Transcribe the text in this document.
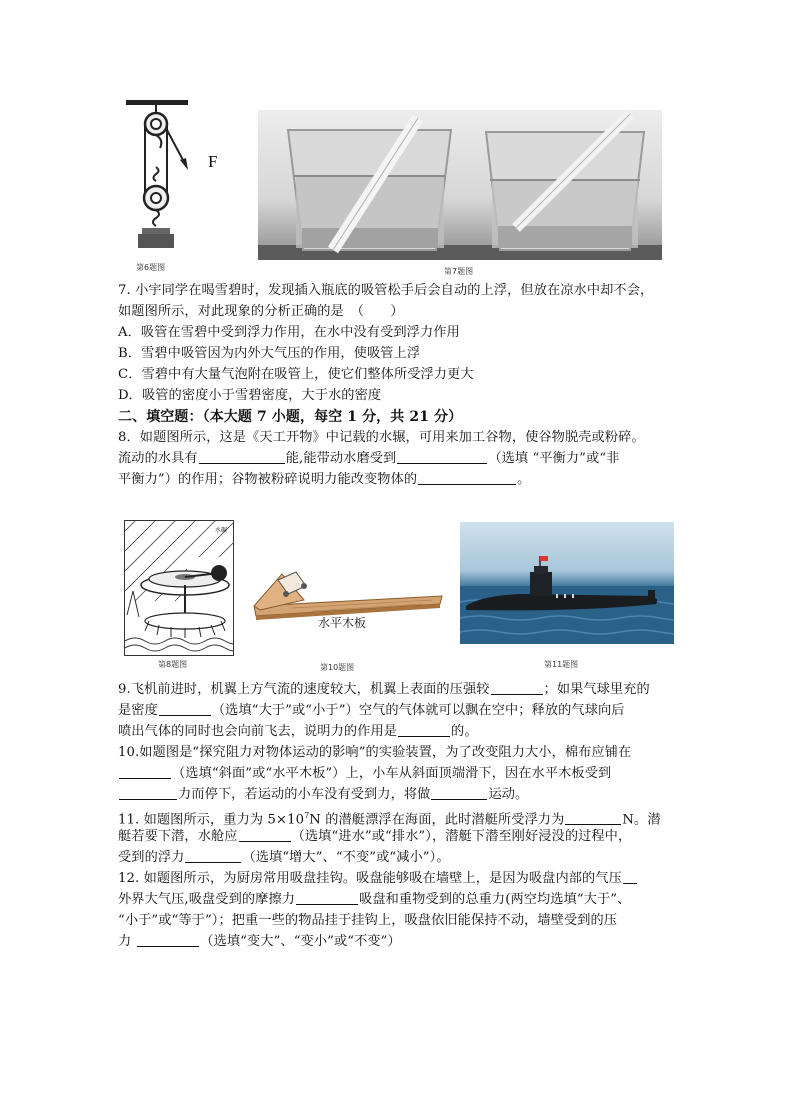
F
第6题图	第7题图
7. 小宇同学在喝雪碧时，发现插入瓶底的吸管松手后会自动的上浮，但放在凉水中却不会，
如题图所示，对此现象的分析正确的是　（　　）
A．吸管在雪碧中受到浮力作用，在水中没有受到浮力作用
B．雪碧中吸管因为内外大气压的作用，使吸管上浮
C．雪碧中有大量气泡附在吸管上，使它们整体所受浮力更大
D．吸管的密度小于雪碧密度，大于水的密度
二、填空题：（本大题 7 小题，每空 1 分，共 21 分）
8．如题图所示，这是《天工开物》中记载的水辗，可用来加工谷物，使谷物脱壳或粉碎。
流动的水具有	能,能带动水磨受到	（选填 “平衡力”或“非
平衡力”）的作用；谷物被粉碎说明力能改变物体的	。
水碾
第8题图
水平木板
第10题图	第11题图
9.飞机前进时，机翼上方气流的速度较大，机翼上表面的压强较	；如果气球里充的
是密度	（选填“大于”或“小于”）空气的气体就可以飘在空中；释放的气球向后
喷出气体的同时也会向前飞去，说明力的作用是	的。
10.如题图是“探究阻力对物体运动的影响”的实验装置，为了改变阻力大小，棉布应铺在
（选填“斜面”或“水平木板”）上，小车从斜面顶端滑下，因在水平木板受到
力而停下，若运动的小车没有受到力，将做	运动。
11. 如题图所示，重力为 $5\times 10^7N$ 的潜艇漂浮在海面，此时潜艇所受浮力为	N。潜
艇若要下潜，水舱应	（选填“进水”或“排水”），潜艇下潜至刚好浸没的过程中，
受到的浮力	（选填“增大”、“不变”或“减小”）。
12. 如题图所示，为厨房常用吸盘挂钩。吸盘能够吸在墙壁上，是因为吸盘内部的气压
外界大气压,吸盘受到的摩擦力	吸盘和重物受到的总重力(两空均选填“大于”、
“小于”或“等于”）；把重一些的物品挂于挂钩上，吸盘依旧能保持不动，墙壁受到的压
力	（选填“变大”、“变小”或“不变”）
